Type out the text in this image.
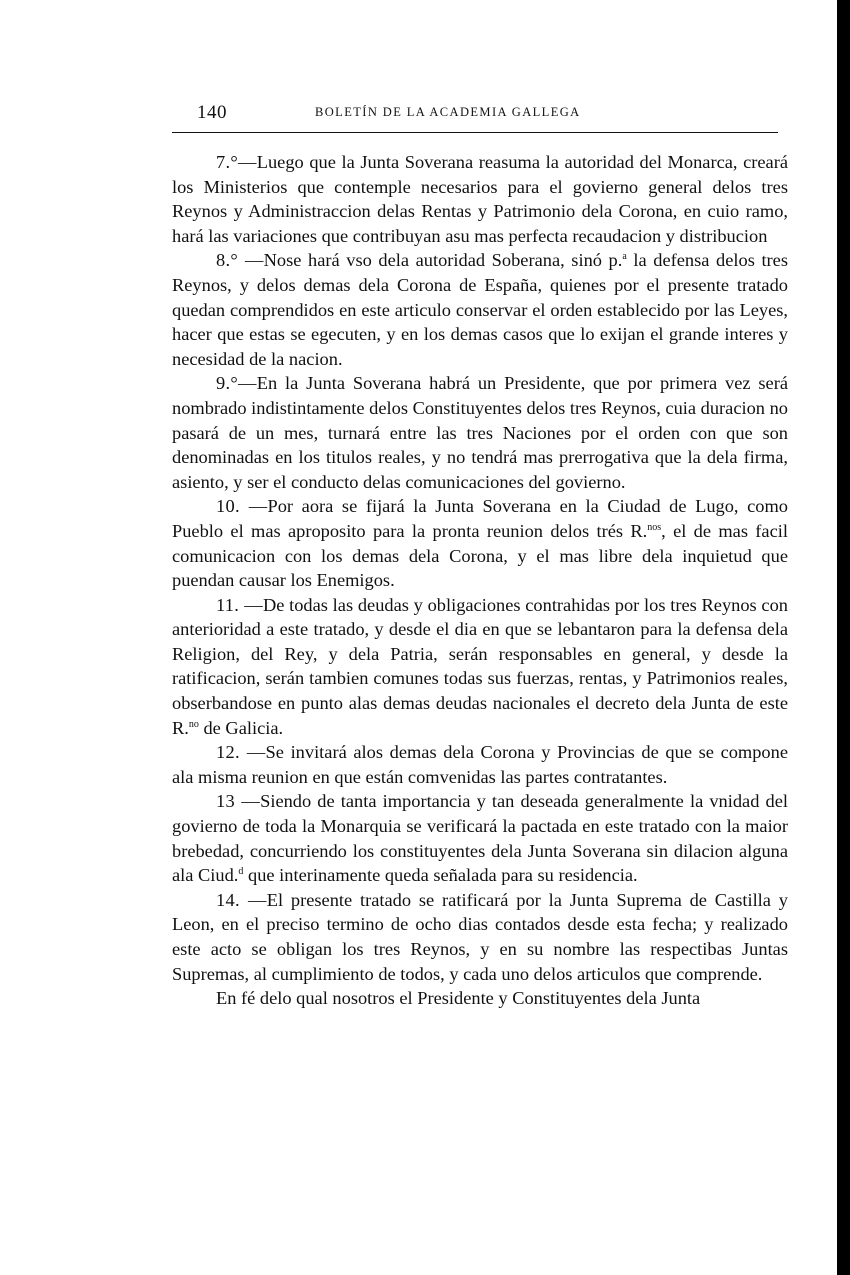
140	BOLETÍN DE LA ACADEMIA GALLEGA

7.°—Luego que la Junta Soverana reasuma la autoridad del Monarca, creará los Ministerios que contemple necesarios para el govierno general delos tres Reynos y Administraccion delas Rentas y Patrimonio dela Corona, en cuio ramo, hará las variaciones que contribuyan asu mas perfecta recaudacion y distribucion

8.° —Nose hará vso dela autoridad Soberana, sinó p.$^a$ la defensa delos tres Reynos, y delos demas dela Corona de España, quienes por el presente tratado quedan comprendidos en este articulo conservar el orden establecido por las Leyes, hacer que estas se egecuten, y en los demas casos que lo exijan el grande interes y necesidad de la nacion.

9.°—En la Junta Soverana habrá un Presidente, que por primera vez será nombrado indistintamente delos Constituyentes delos tres Reynos, cuia duracion no pasará de un mes, turnará entre las tres Naciones por el orden con que son denominadas en los titulos reales, y no tendrá mas prerrogativa que la dela firma, asiento, y ser el conducto delas comunicaciones del govierno.

10. —Por aora se fijará la Junta Soverana en la Ciudad de Lugo, como Pueblo el mas aproposito para la pronta reunion delos trés R.$^{nos}$, el de mas facil comunicacion con los demas dela Corona, y el mas libre dela inquietud que puendan causar los Enemigos.

11. —De todas las deudas y obligaciones contrahidas por los tres Reynos con anterioridad a este tratado, y desde el dia en que se lebantaron para la defensa dela Religion, del Rey, y dela Patria, serán responsables en general, y desde la ratificacion, serán tambien comunes todas sus fuerzas, rentas, y Patrimonios reales, obserbandose en punto alas demas deudas nacionales el decreto dela Junta de este R.$^{no}$ de Galicia.

12. —Se invitará alos demas dela Corona y Provincias de que se compone ala misma reunion en que están comvenidas las partes contratantes.

13 —Siendo de tanta importancia y tan deseada generalmente la vnidad del govierno de toda la Monarquia se verificará la pactada en este tratado con la maior brebedad, concurriendo los constituyentes dela Junta Soverana sin dilacion alguna ala Ciud.$^d$ que interinamente queda señalada para su residencia.

14. —El presente tratado se ratificará por la Junta Suprema de Castilla y Leon, en el preciso termino de ocho dias contados desde esta fecha; y realizado este acto se obligan los tres Reynos, y en su nombre las respectibas Juntas Supremas, al cumplimiento de todos, y cada uno delos articulos que comprende.

En fé delo qual nosotros el Presidente y Constituyentes dela Junta
